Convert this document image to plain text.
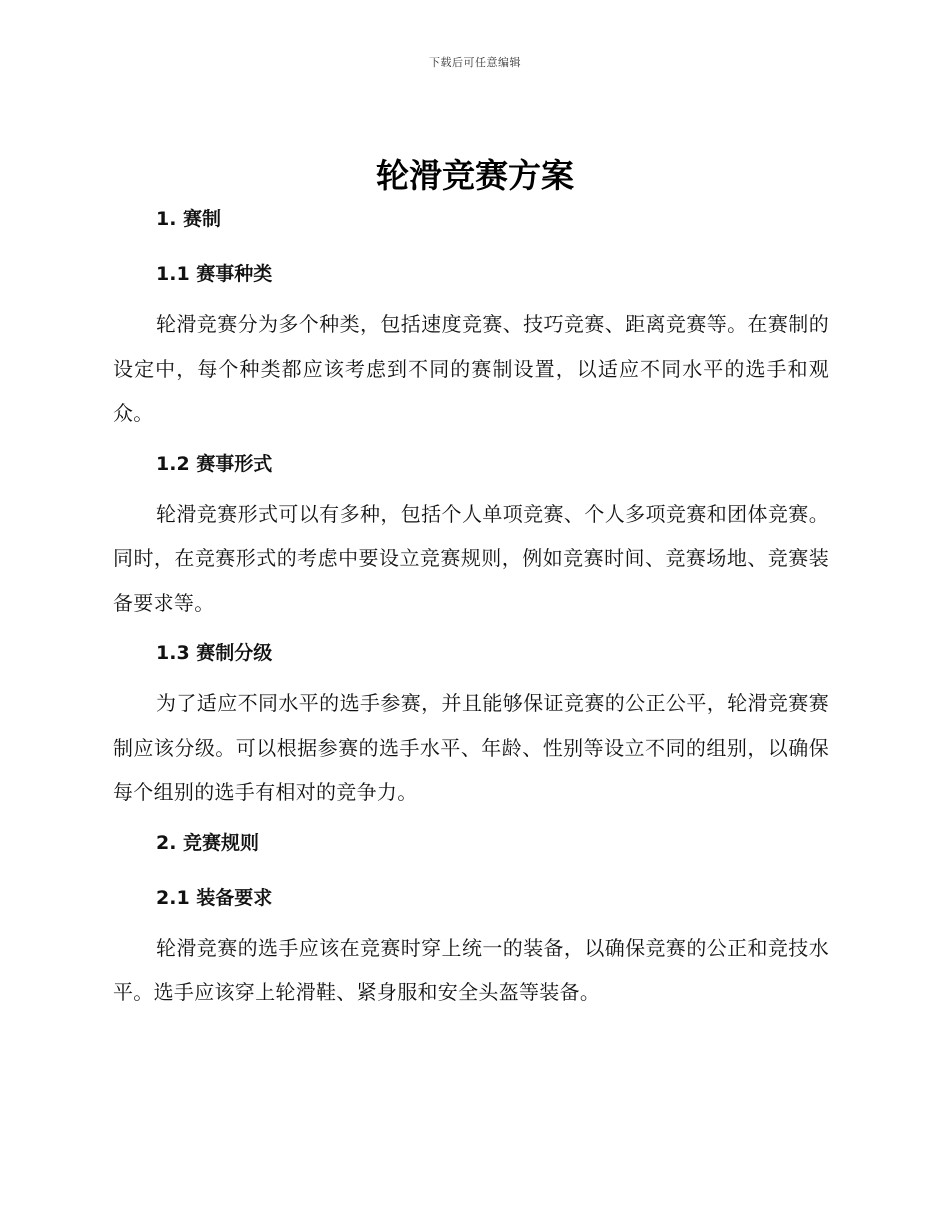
下载后可任意编辑
轮滑竞赛方案
1. 赛制
1.1 赛事种类

轮滑竞赛分为多个种类，包括速度竞赛、技巧竞赛、距离竞赛等。在赛制的设定中，每个种类都应该考虑到不同的赛制设置，以适应不同水平的选手和观众。

1.2 赛事形式

轮滑竞赛形式可以有多种，包括个人单项竞赛、个人多项竞赛和团体竞赛。同时，在竞赛形式的考虑中要设立竞赛规则，例如竞赛时间、竞赛场地、竞赛装备要求等。

1.3 赛制分级

为了适应不同水平的选手参赛，并且能够保证竞赛的公正公平，轮滑竞赛赛制应该分级。可以根据参赛的选手水平、年龄、性别等设立不同的组别，以确保每个组别的选手有相对的竞争力。

2. 竞赛规则
2.1 装备要求

轮滑竞赛的选手应该在竞赛时穿上统一的装备，以确保竞赛的公正和竞技水平。选手应该穿上轮滑鞋、紧身服和安全头盔等装备。
